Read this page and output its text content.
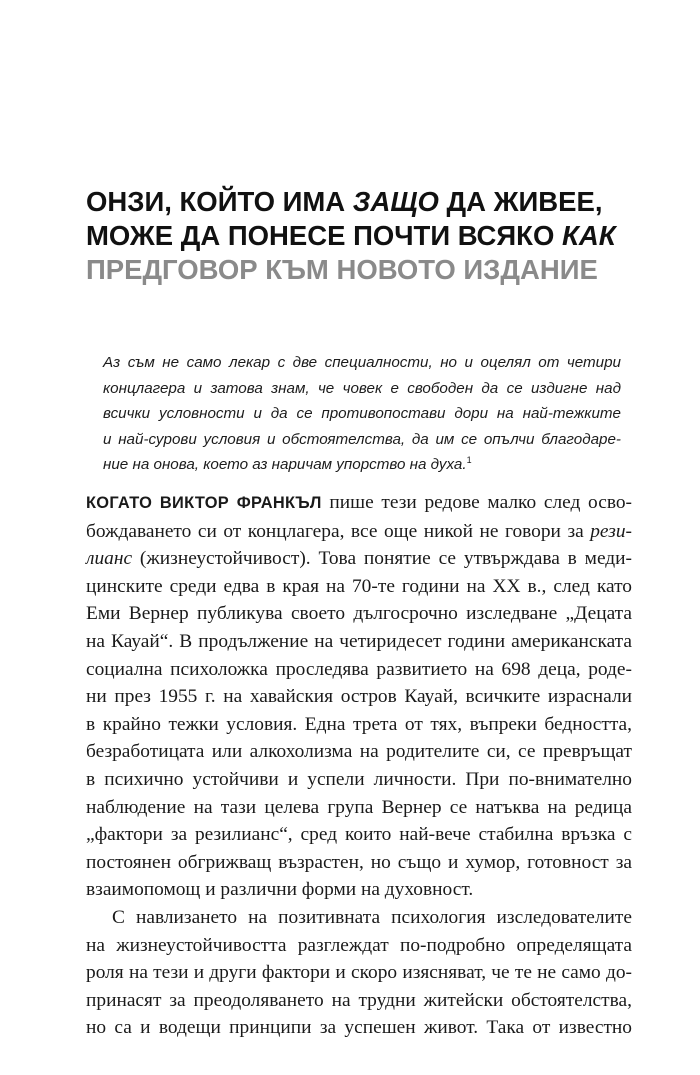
ОНЗИ, КОЙТО ИМА ЗАЩО ДА ЖИВЕЕ,
МОЖЕ ДА ПОНЕСЕ ПОЧТИ ВСЯКО КАК
ПРЕДГОВОР КЪМ НОВОТО ИЗДАНИЕ
Аз съм не само лекар с две специалности, но и оцелял от четири
концлагера и затова знам, че човек е свободен да се издигне над
всички условности и да се противопостави дори на най-тежките
и най-сурови условия и обстоятелства, да им се опълчи благодаре-
ние на онова, което аз наричам упорство на духа.$^1$
КОГАТО ВИКТОР ФРАНКЪЛ пише тези редове малко след осво-
бождаването си от концлагера, все още никой не говори за рези-
лианс (жизнеустойчивост). Това понятие се утвърждава в меди-
цинските среди едва в края на 70-те години на ХХ в., след като
Еми Вернер публикува своето дългосрочно изследване „Децата
на Кауай“. В продължение на четиридесет години американската
социална психоложка проследява развитието на 698 деца, роде-
ни през 1955 г. на хавайския остров Кауай, всичките израснали
в крайно тежки условия. Една трета от тях, въпреки бедността,
безработицата или алкохолизма на родителите си, се превръщат
в психично устойчиви и успели личности. При по-внимателно
наблюдение на тази целева група Вернер се натъква на редица
„фактори за резилианс“, сред които най-вече стабилна връзка с
постоянен обгрижващ възрастен, но също и хумор, готовност за
взаимопомощ и различни форми на духовност.
С навлизането на позитивната психология изследователите
на жизнеустойчивостта разглеждат по-подробно определящата
роля на тези и други фактори и скоро изясняват, че те не само до-
принасят за преодоляването на трудни житейски обстоятелства,
но са и водещи принципи за успешен живот. Така от известно
